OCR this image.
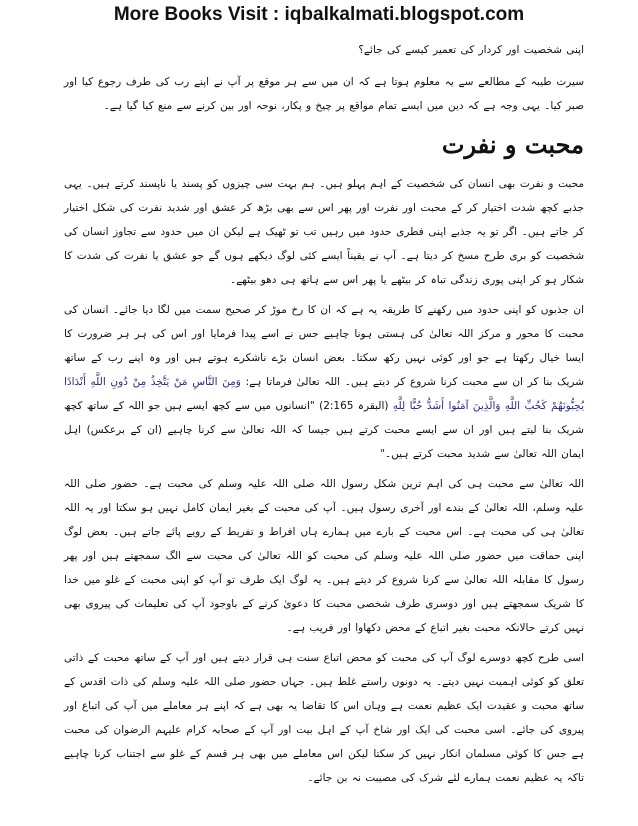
More Books Visit : iqbalkalmati.blogspot.com

اپنی شخصیت اور کردار کی تعمیر کیسے کی جائے؟

سیرت طیبہ کے مطالعے سے یہ معلوم ہوتا ہے کہ ان میں سے ہر موقع پر آپ نے اپنے رب کی طرف رجوع کیا اور صبر کیا۔ یہی وجہ ہے کہ دین میں ایسے تمام مواقع پر چیخ و پکار، نوحہ اور بین کرنے سے منع کیا گیا ہے۔

محبت و نفرت

محبت و نفرت بھی انسان کی شخصیت کے اہم پہلو ہیں۔ ہم بہت سی چیزوں کو پسند یا ناپسند کرتے ہیں۔ یہی جذبے کچھ شدت اختیار کر کے محبت اور نفرت اور پھر اس سے بھی بڑھ کر عشق اور شدید نفرت کی شکل اختیار کر جاتے ہیں۔ اگر تو یہ جذبے اپنی فطری حدود میں رہیں تب تو ٹھیک ہے لیکن ان میں حدود سے تجاوز انسان کی شخصیت کو بری طرح مسخ کر دیتا ہے۔ آپ نے یقیناً ایسے کئی لوگ دیکھے ہوں گے جو عشق یا نفرت کی شدت کا شکار ہو کر اپنی پوری زندگی تباہ کر بیٹھے یا پھر اس سے ہاتھ ہی دھو بیٹھے۔

ان جذبوں کو اپنی حدود میں رکھنے کا طریقہ یہ ہے کہ ان کا رخ موڑ کر صحیح سمت میں لگا دیا جائے۔ انسان کی محبت کا محور و مرکز اللہ تعالیٰ کی ہستی ہونا چاہیے جس نے اسے پیدا فرمایا اور اس کی ہر ہر ضرورت کا ایسا خیال رکھتا ہے جو اور کوئی نہیں رکھ سکتا۔ بعض انسان بڑے ناشکرے ہوتے ہیں اور وہ اپنے رب کے ساتھ شریک بنا کر ان سے محبت کرنا شروع کر دیتے ہیں۔ اللہ تعالیٰ فرماتا ہے: وَمِنَ النَّاسِ مَنْ يَتَّخِذُ مِنْ دُونِ اللَّهِ أَنْدَادًا يُحِبُّونَهُمْ كَحُبِّ اللَّهِ وَالَّذِينَ آمَنُوا أَشَدُّ حُبًّا لِلَّهِ (البقرہ 2:165) "انسانوں میں سے کچھ ایسے ہیں جو اللہ کے ساتھ کچھ شریک بنا لیتے ہیں اور ان سے ایسے محبت کرتے ہیں جیسا کہ اللہ تعالیٰ سے کرنا چاہیے (ان کے برعکس) اہل ایمان اللہ تعالیٰ سے شدید محبت کرتے ہیں۔"

اللہ تعالیٰ سے محبت ہی کی اہم ترین شکل رسول اللہ صلی اللہ علیہ وسلم کی محبت ہے۔ حضور صلی اللہ علیہ وسلم، اللہ تعالیٰ کے بندے اور آخری رسول ہیں۔ آپ کی محبت کے بغیر ایمان کامل نہیں ہو سکتا اور یہ اللہ تعالیٰ ہی کی محبت ہے۔ اس محبت کے بارے میں ہمارے ہاں افراط و تفریط کے رویے پائے جاتے ہیں۔ بعض لوگ اپنی حماقت میں حضور صلی اللہ علیہ وسلم کی محبت کو اللہ تعالیٰ کی محبت سے الگ سمجھتے ہیں اور پھر رسول کا مقابلہ اللہ تعالیٰ سے کرنا شروع کر دیتے ہیں۔ یہ لوگ ایک طرف تو آپ کو اپنی محبت کے غلو میں خدا کا شریک سمجھتے ہیں اور دوسری طرف شخصی محبت کا دعویٰ کرنے کے باوجود آپ کی تعلیمات کی پیروی بھی نہیں کرتے حالانکہ محبت بغیر اتباع کے محض دکھاوا اور فریب ہے۔

اسی طرح کچھ دوسرے لوگ آپ کی محبت کو محض اتباع سنت ہی قرار دیتے ہیں اور آپ کے ساتھ محبت کے ذاتی تعلق کو کوئی اہمیت نہیں دیتے۔ یہ دونوں راستے غلط ہیں۔ جہاں حضور صلی اللہ علیہ وسلم کی ذات اقدس کے ساتھ محبت و عقیدت ایک عظیم نعمت ہے وہاں اس کا تقاضا یہ بھی ہے کہ اپنے ہر معاملے میں آپ کی اتباع اور پیروی کی جائے۔ اسی محبت کی ایک اور شاخ آپ کے اہل بیت اور آپ کے صحابہ کرام علیہم الرضوان کی محبت ہے جس کا کوئی مسلمان انکار نہیں کر سکتا لیکن اس معاملے میں بھی ہر قسم کے غلو سے اجتناب کرنا چاہیے تاکہ یہ عظیم نعمت ہمارے لئے شرک کی مصیبت نہ بن جائے۔
